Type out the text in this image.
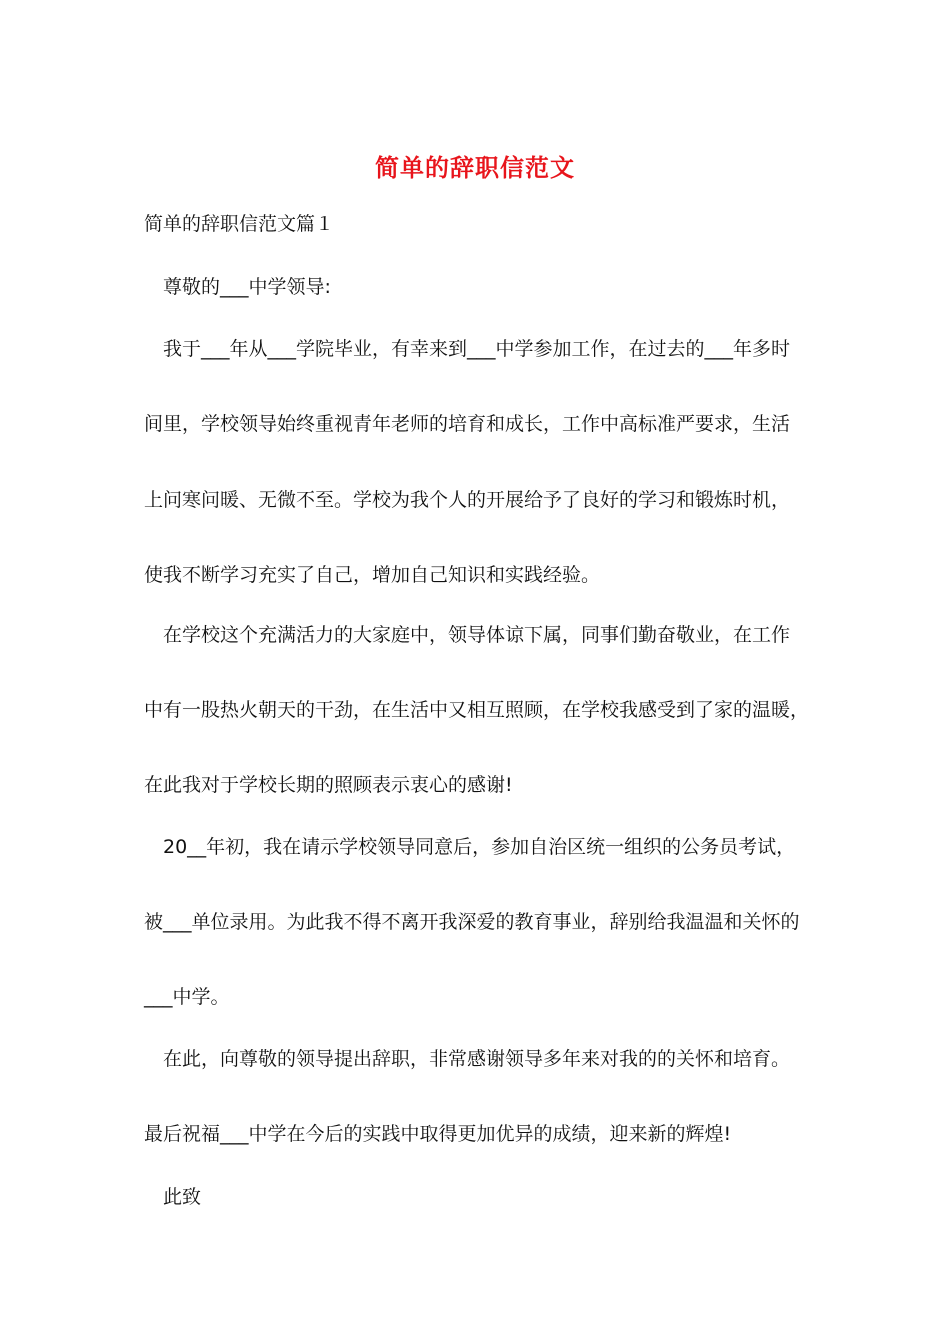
简单的辞职信范文

简单的辞职信范文篇１

尊敬的___中学领导:

我于___年从___学院毕业，有幸来到___中学参加工作，在过去的___年多时

间里，学校领导始终重视青年老师的培育和成长，工作中高标准严要求，生活

上问寒问暖、无微不至。学校为我个人的开展给予了良好的学习和锻炼时机，

使我不断学习充实了自己，增加自己知识和实践经验。

在学校这个充满活力的大家庭中，领导体谅下属，同事们勤奋敬业，在工作

中有一股热火朝天的干劲，在生活中又相互照顾，在学校我感受到了家的温暖，

在此我对于学校长期的照顾表示衷心的感谢!

20__年初，我在请示学校领导同意后，参加自治区统一组织的公务员考试，

被___单位录用。为此我不得不离开我深爱的教育事业，辞别给我温温和关怀的

___中学。

在此，向尊敬的领导提出辞职，非常感谢领导多年来对我的的关怀和培育。

最后祝福___中学在今后的实践中取得更加优异的成绩，迎来新的辉煌!

此致
